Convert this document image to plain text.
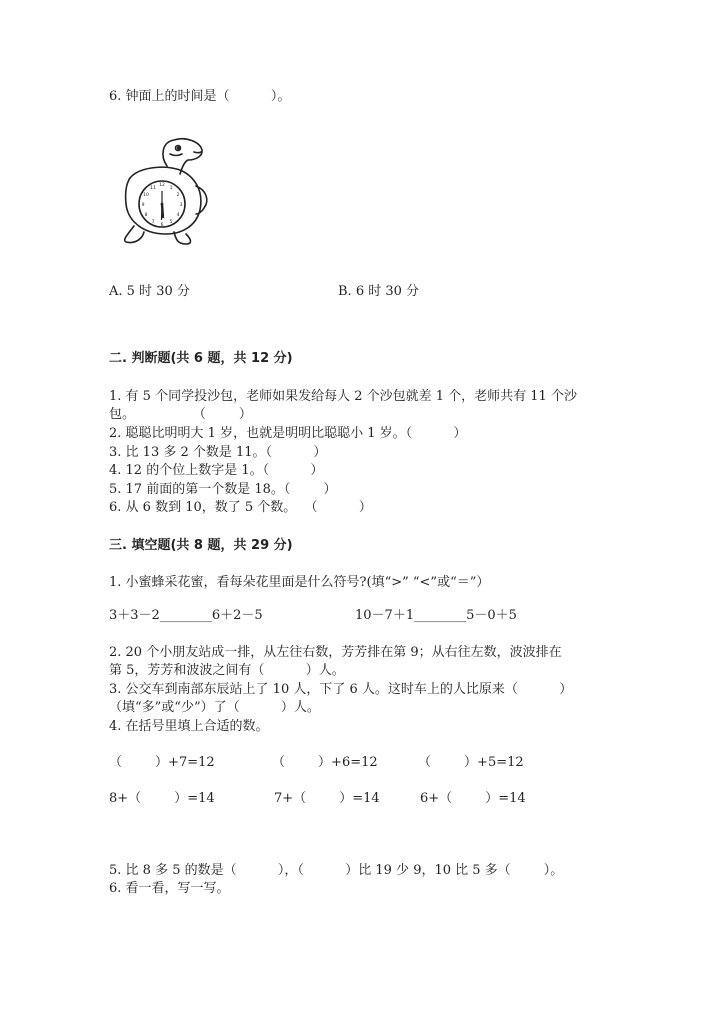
6. 钟面上的时间是（          ）。
12
1
2
3
4
5
6
7
8
9
10
11
A. 5 时 30 分	B. 6 时 30 分
二. 判断题(共 6 题，共 12 分)
1. 有 5 个同学投沙包，老师如果发给每人 2 个沙包就差 1 个，老师共有 11 个沙
包。              （        ）
2. 聪聪比明明大 1 岁，也就是明明比聪聪小 1 岁。（          ）
3. 比 13 多 2 个数是 11。（          ）
4. 12 的个位上数字是 1。（          ）
5. 17 前面的第一个数是 18。（        ）
6. 从 6 数到 10，数了 5 个数。  （          ）
三. 填空题(共 8 题，共 29 分)
1. 小蜜蜂采花蜜，看每朵花里面是什么符号?(填“>” “<”或“＝”）
3＋3－2________6＋2－5	10－7＋1________5－0＋5
2. 20 个小朋友站成一排，从左往右数，芳芳排在第 9；从右往左数，波波排在
第 5，芳芳和波波之间有（          ）人。
3. 公交车到南部东辰站上了 10 人，下了 6 人。这时车上的人比原来（          ）
（填“多”或“少”）了（          ）人。
4. 在括号里填上合适的数。
（        ）+7=12	（        ）+6=12	（        ）+5=12
8+（        ）=14	7+（        ）=14	6+（        ）=14
5. 比 8 多 5 的数是（          ），（          ）比 19 少 9，10 比 5 多（        ）。
6. 看一看，写一写。
